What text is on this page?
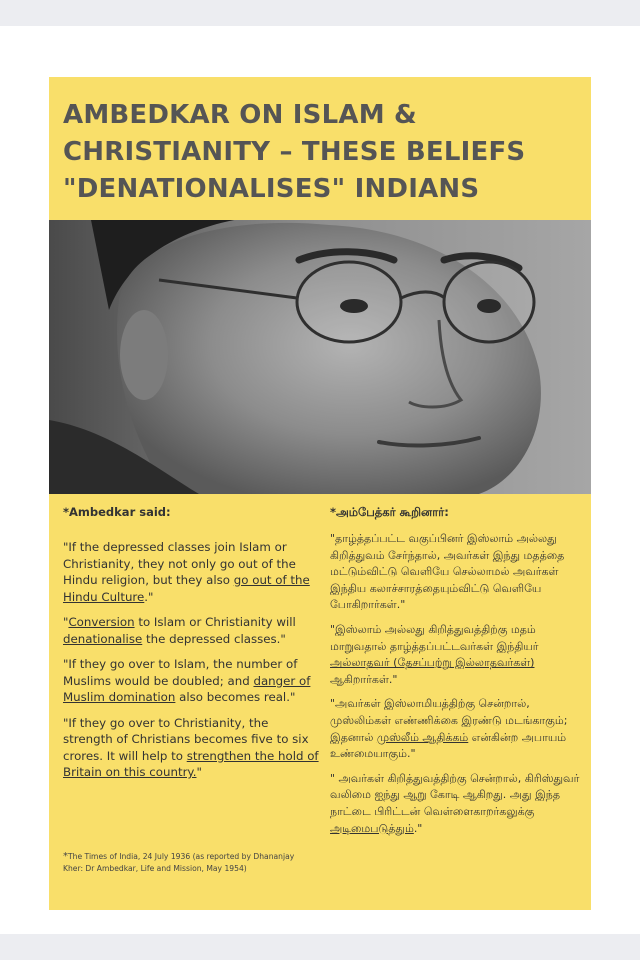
AMBEDKAR ON ISLAM &
CHRISTIANITY – THESE BELIEFS
"DENATIONALISES" INDIANS

*Ambedkar said:

"If the depressed classes join Islam or Christianity, they not only go out of the Hindu religion, but they also go out of the Hindu Culture."

"Conversion to Islam or Christianity will denationalise the depressed classes."

"If they go over to Islam, the number of Muslims would be doubled; and danger of Muslim domination also becomes real."

"If they go over to Christianity, the strength of Christians becomes five to six crores. It will help to strengthen the hold of Britain on this country."

*The Times of India, 24 July 1936 (as reported by Dhananjay Kher: Dr Ambedkar, Life and Mission, May 1954)

*அம்பேத்கர் கூறினார்:

"தாழ்த்தப்பட்ட வகுப்பினர் இஸ்லாம் அல்லது கிறித்துவம் சேர்ந்தால், அவர்கள் இந்து மதத்தை மட்டும்விட்டு வெளியே செல்லாமல் அவர்கள் இந்திய கலாச்சாரத்தையும்விட்டு வெளியே போகிறார்கள்."

"இஸ்லாம் அல்லது கிறித்துவத்திற்கு மதம் மாறுவதால் தாழ்த்தப்பட்டவர்கள் இந்தியர் அல்லாதவர் (தேசப்பற்று இல்லாதவர்கள்) ஆகிறார்கள்."

"அவர்கள் இஸ்லாமியத்திற்கு சென்றால், முஸ்லிம்கள் எண்ணிக்கை இரண்டு மடங்காகும்; இதனால் முஸ்லீம் ஆதிக்கம் என்கின்ற அபாயம் உண்மையாகும்."

" அவர்கள் கிறித்துவத்திற்கு சென்றால், கிரிஸ்துவர் வலிமை ஐந்து ஆறு கோடி ஆகிறது. அது இந்த நாட்டை பிரிட்டன் வெள்ளைகாறர்கலுக்கு அடிமைபடுத்தும்."
